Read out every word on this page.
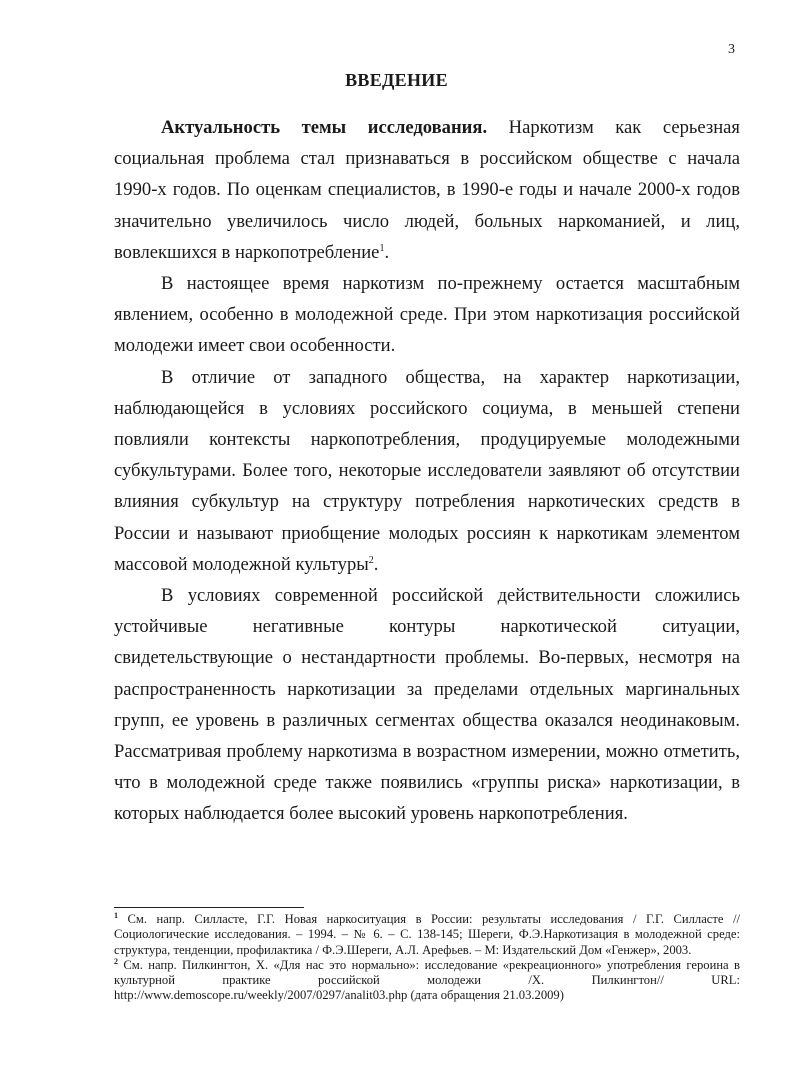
3
ВВЕДЕНИЕ

Актуальность темы исследования. Наркотизм как серьезная социальная проблема стал признаваться в российском обществе с начала 1990-х годов. По оценкам специалистов, в 1990-е годы и начале 2000-х годов значительно увеличилось число людей, больных наркоманией, и лиц, вовлекшихся в наркопотребление$^1$.

В настоящее время наркотизм по-прежнему остается масштабным явлением, особенно в молодежной среде. При этом наркотизация российской молодежи имеет свои особенности.

В отличие от западного общества, на характер наркотизации, наблюдающейся в условиях российского социума, в меньшей степени повлияли контексты наркопотребления, продуцируемые молодежными субкультурами. Более того, некоторые исследователи заявляют об отсутствии влияния субкультур на структуру потребления наркотических средств в России и называют приобщение молодых россиян к наркотикам элементом массовой молодежной культуры$^2$.

В условиях современной российской действительности сложились устойчивые негативные контуры наркотической ситуации, свидетельствующие о нестандартности проблемы. Во-первых, несмотря на распространенность наркотизации за пределами отдельных маргинальных групп, ее уровень в различных сегментах общества оказался неодинаковым. Рассматривая проблему наркотизма в возрастном измерении, можно отметить, что в молодежной среде также появились «группы риска» наркотизации, в которых наблюдается более высокий уровень наркопотребления.

$^1$ См. напр. Силласте, Г.Г. Новая наркоситуация в России: результаты исследования / Г.Г. Силласте // Социологические исследования. – 1994. – № 6. – С. 138-145; Шереги, Ф.Э.Наркотизация в молодежной среде: структура, тенденции, профилактика / Ф.Э.Шереги, А.Л. Арефьев. – М: Издательский Дом «Генжер», 2003.

$^2$ См. напр. Пилкингтон, Х. «Для нас это нормально»: исследование «рекреационного» употребления героина в культурной практике российской молодежи /Х. Пилкингтон// URL: http://www.demoscope.ru/weekly/2007/0297/analit03.php (дата обращения 21.03.2009)
